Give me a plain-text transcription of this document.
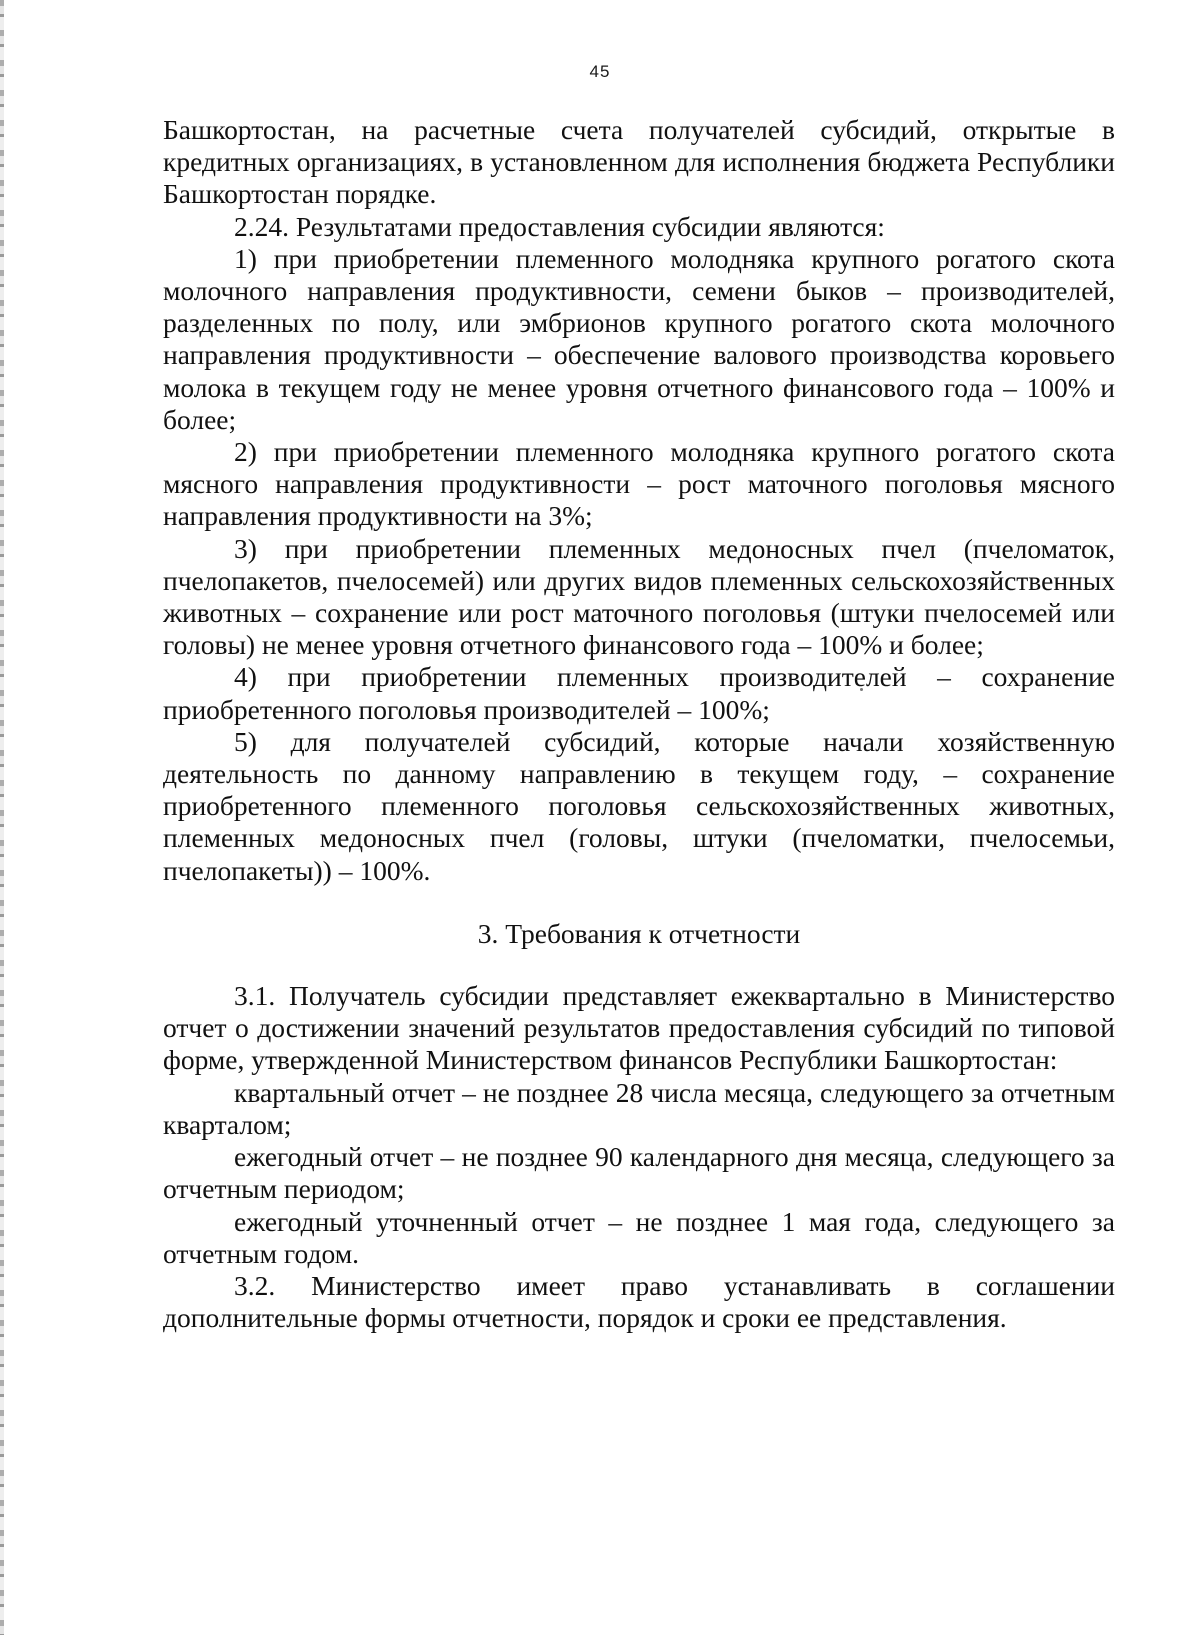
45

Башкортостан, на расчетные счета получателей субсидий, открытые в кредитных организациях, в установленном для исполнения бюджета Республики Башкортостан порядке.

2.24. Результатами предоставления субсидии являются:

1) при приобретении племенного молодняка крупного рогатого скота молочного направления продуктивности, семени быков – производителей, разделенных по полу, или эмбрионов крупного рогатого скота молочного направления продуктивности – обеспечение валового производства коровьего молока в текущем году не менее уровня отчетного финансового года – 100% и более;

2) при приобретении племенного молодняка крупного рогатого скота мясного направления продуктивности – рост маточного поголовья мясного направления продуктивности на 3%;

3) при приобретении племенных медоносных пчел (пчеломаток, пчелопакетов, пчелосемей) или других видов племенных сельскохозяйственных животных – сохранение или рост маточного поголовья (штуки пчелосемей или головы) не менее уровня отчетного финансового года – 100% и более;

4) при приобретении племенных производителей – сохранение приобретенного поголовья производителей – 100%;

5) для получателей субсидий, которые начали хозяйственную деятельность по данному направлению в текущем году, – сохранение приобретенного племенного поголовья сельскохозяйственных животных, племенных медоносных пчел (головы, штуки (пчеломатки, пчелосемьи, пчелопакеты)) – 100%.

3. Требования к отчетности

3.1. Получатель субсидии представляет ежеквартально в Министерство отчет о достижении значений результатов предоставления субсидий по типовой форме, утвержденной Министерством финансов Республики Башкортостан:

квартальный отчет – не позднее 28 числа месяца, следующего за отчетным кварталом;

ежегодный отчет – не позднее 90 календарного дня месяца, следующего за отчетным периодом;

ежегодный уточненный отчет – не позднее 1 мая года, следующего за отчетным годом.

3.2. Министерство имеет право устанавливать в соглашении дополнительные формы отчетности, порядок и сроки ее представления.
